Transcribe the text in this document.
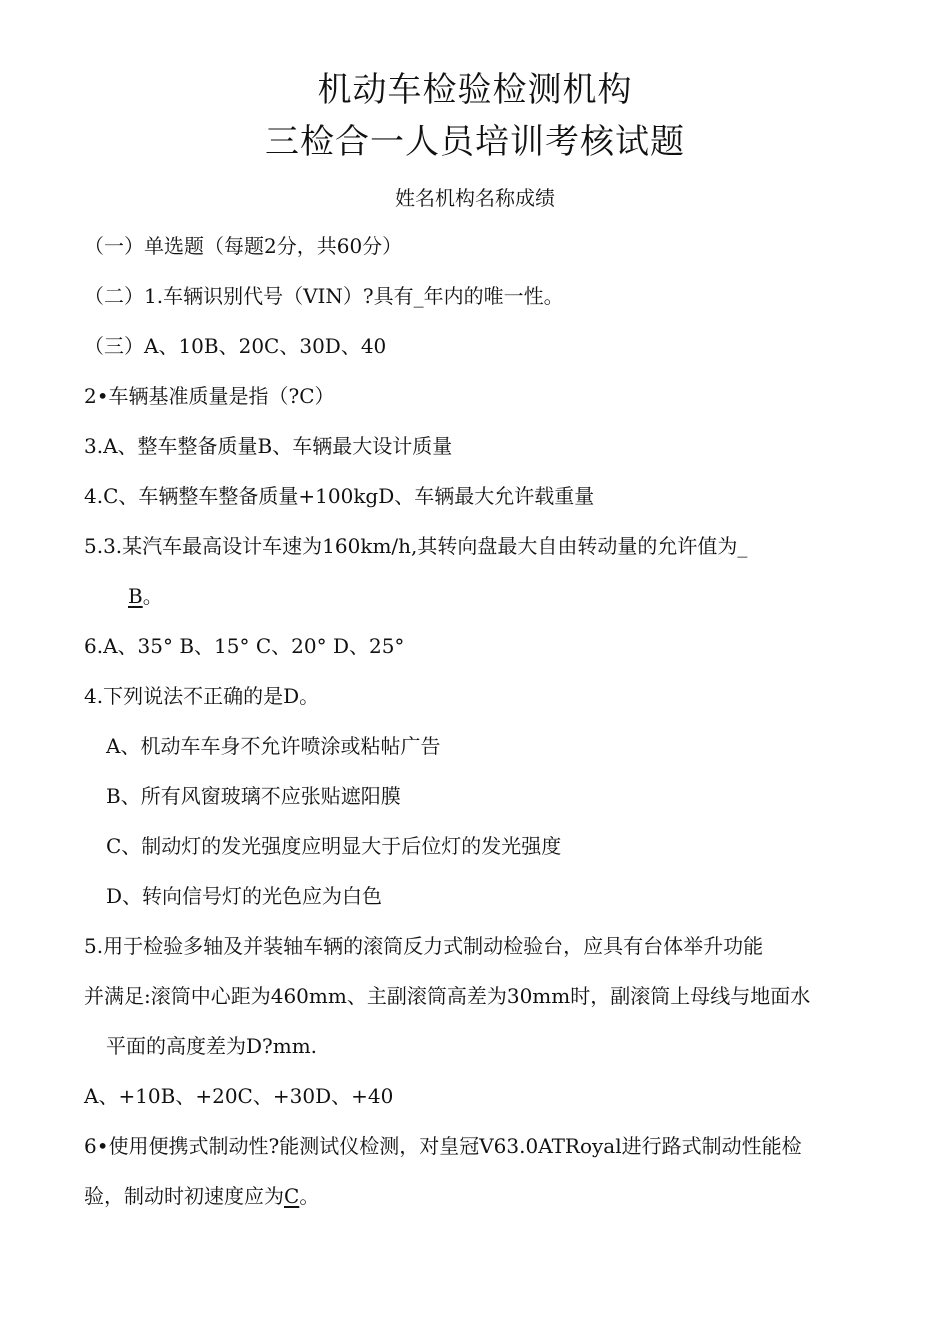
机动车检验检测机构
三检合一人员培训考核试题
姓名机构名称成绩
（一）单选题（每题2分，共60分）
（二）1.车辆识别代号（VIN）?具有_年内的唯一性。
（三）A、10B、20C、30D、40
2•车辆基准质量是指（?C）
3.A、整车整备质量B、车辆最大设计质量
4.C、车辆整车整备质量+100kgD、车辆最大允许载重量
5.3.某汽车最高设计车速为160km/h,其转向盘最大自由转动量的允许值为_
B。
6.A、35° B、15° C、20° D、25°
4.下列说法不正确的是D。
A、机动车车身不允许喷涂或粘帖广告
B、所有风窗玻璃不应张贴遮阳膜
C、制动灯的发光强度应明显大于后位灯的发光强度
D、转向信号灯的光色应为白色
5.用于检验多轴及并装轴车辆的滚筒反力式制动检验台，应具有台体举升功能
并满足:滚筒中心距为460mm、主副滚筒高差为30mm时，副滚筒上母线与地面水
平面的高度差为D?mm.
A、+10B、+20C、+30D、+40
6•使用便携式制动性?能测试仪检测，对皇冠V63.0ATRoyal进行路式制动性能检
验，制动时初速度应为C。
